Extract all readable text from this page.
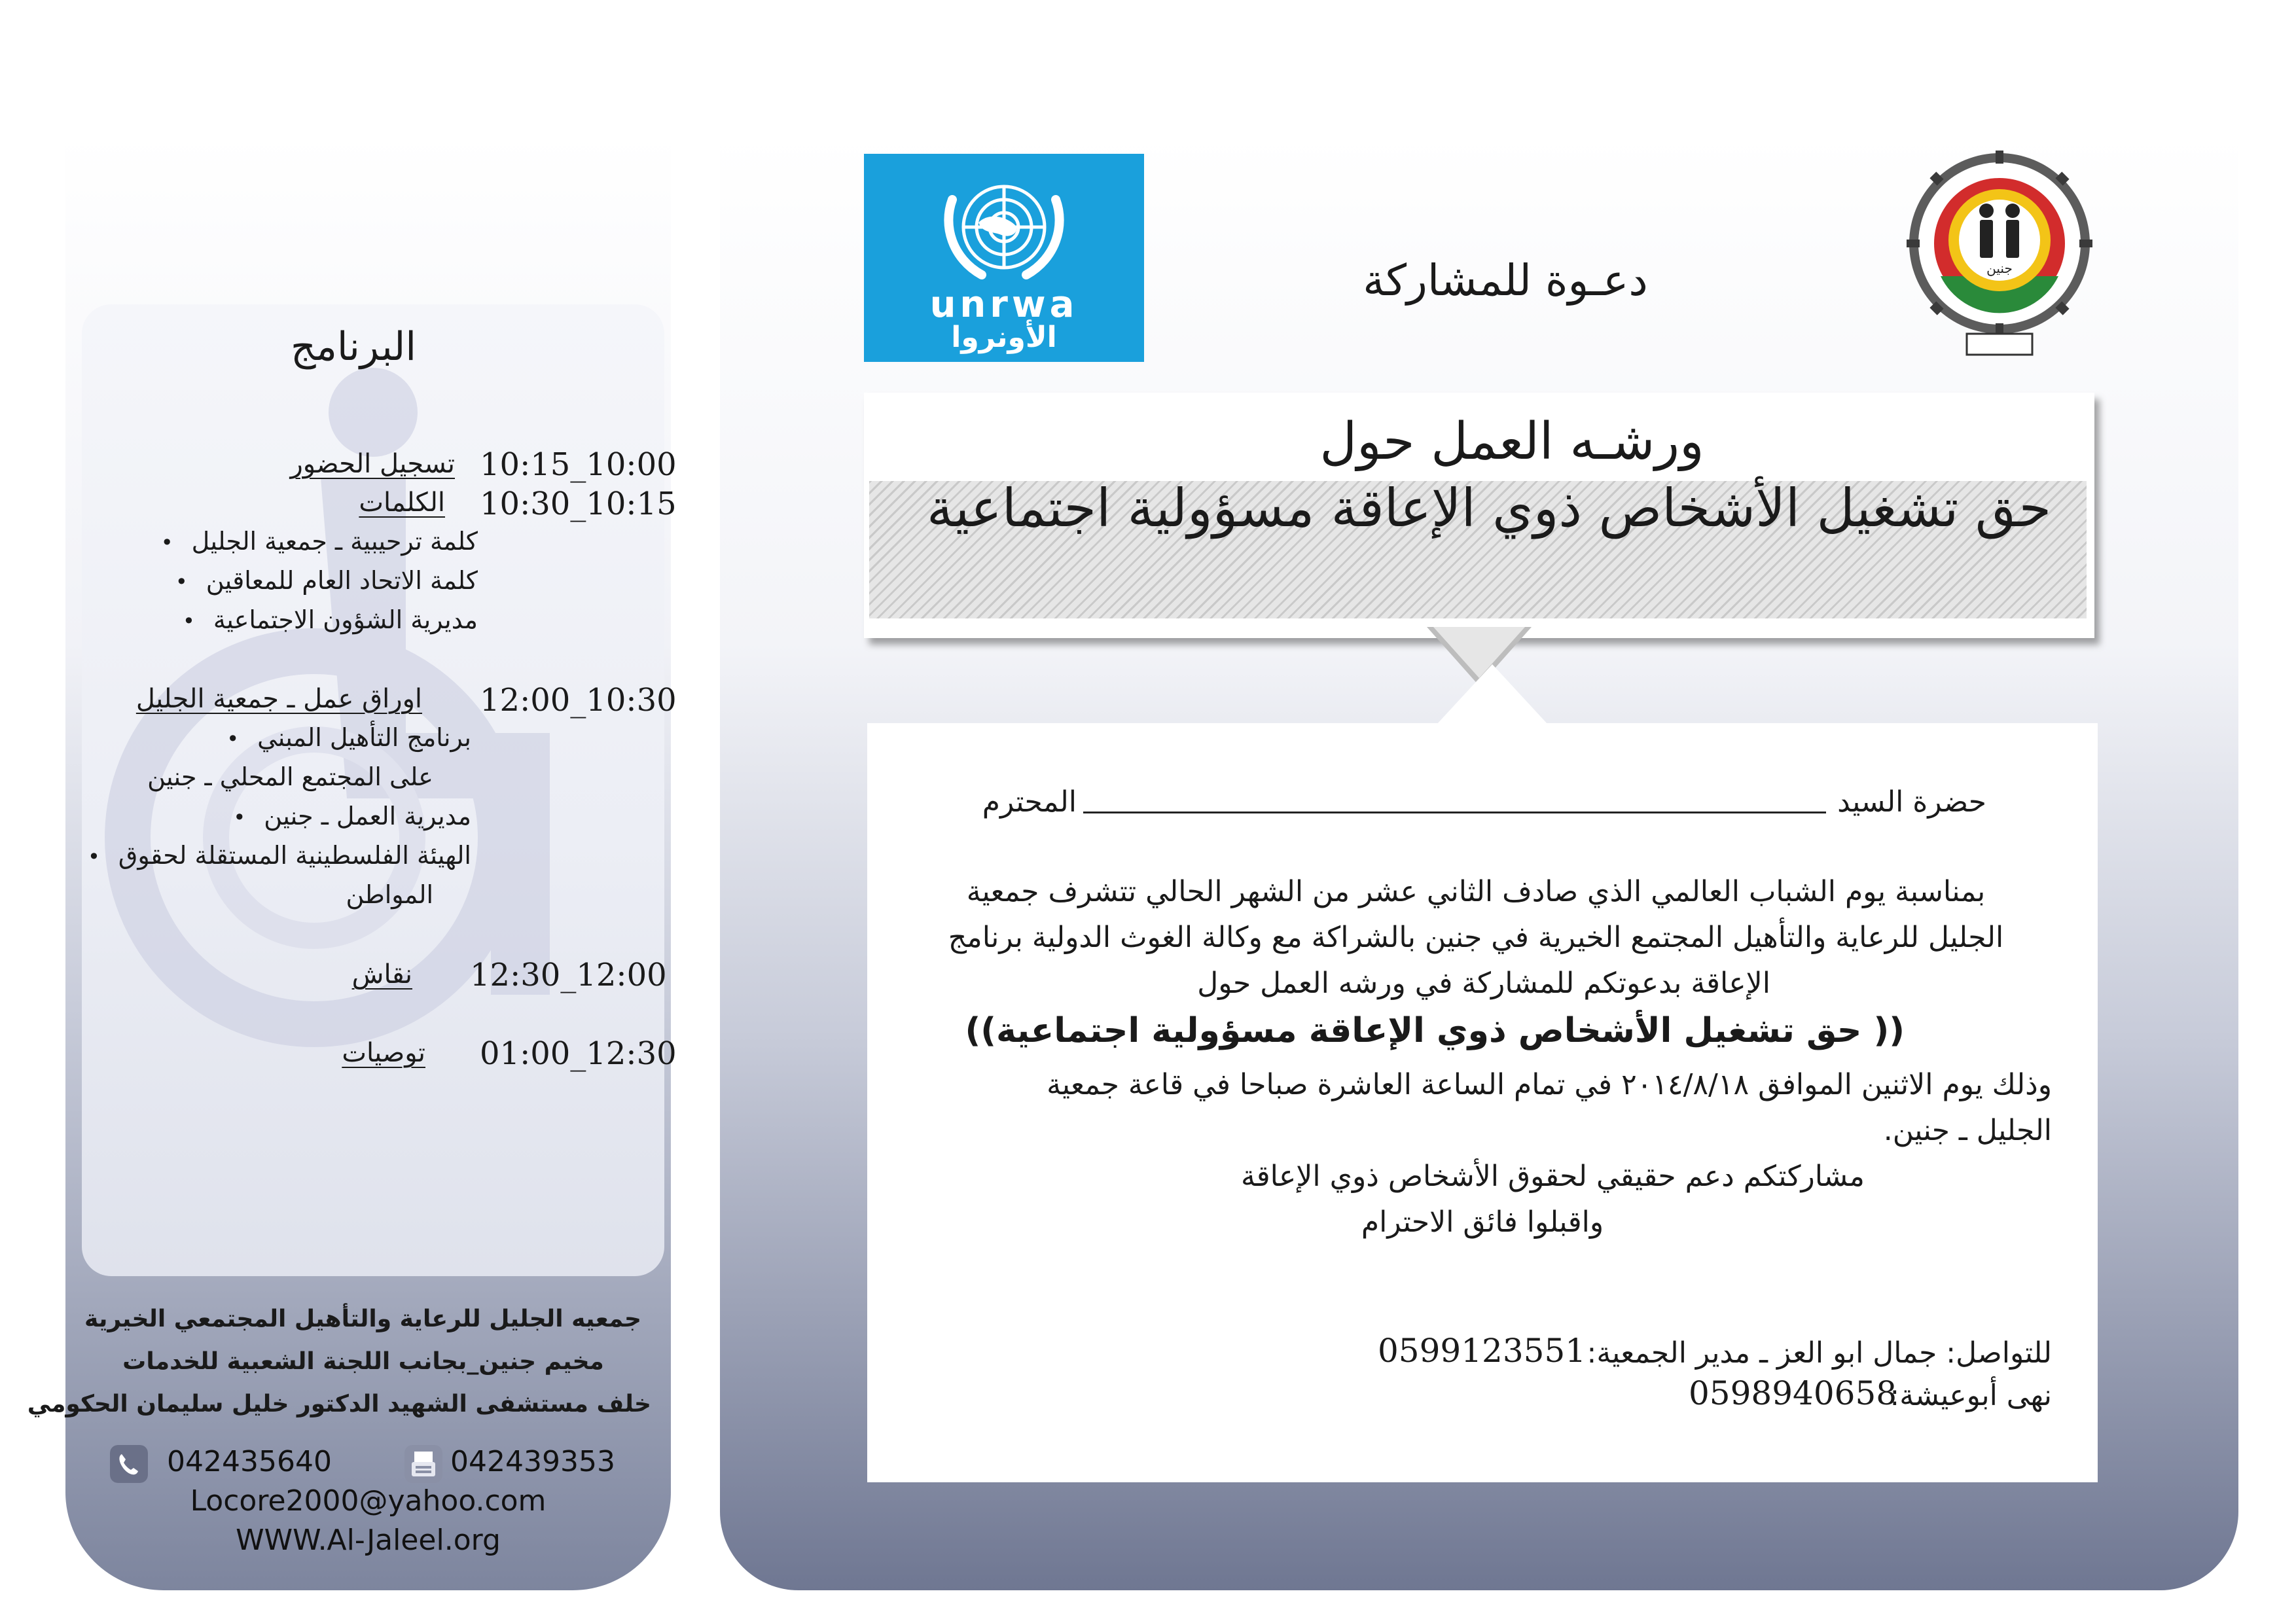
البرنامج
10:15_10:00
تسجيل الحضور
10:30_10:15
الكلمات
كلمة ترحيبية ـ جمعية الجليل •
كلمة الاتحاد العام للمعاقين •
مديرية الشؤون الاجتماعية •
12:00_10:30
اوراق عمل ـ جمعية الجليل
برنامج التأهيل المبني •
على المجتمع المحلي ـ جنين
مديرية العمل ـ جنين •
الهيئة الفلسطينية المستقلة لحقوق •
المواطن
12:30_12:00
نقاش
01:00_12:30
توصيات
جمعيه الجليل للرعاية والتأهيل المجتمعي الخيرية
مخيم جنين_بجانب اللجنة الشعبية للخدمات
خلف مستشفى الشهيد الدكتور خليل سليمان الحكومي
042435640	042439353
Locore2000@yahoo.com
WWW.Al-Jaleel.org
unrwa
الأونروا
جنين
دعـوة للمشاركة
ورشـه العمل حول
حق تشغيل الأشخاص ذوي الإعاقة مسؤولية اجتماعية
حضرة السيد
المحترم
بمناسبة يوم الشباب العالمي الذي صادف الثاني عشر من الشهر الحالي تتشرف جمعية
الجليل للرعاية والتأهيل المجتمع الخيرية في جنين بالشراكة مع وكالة الغوث الدولية برنامج
الإعاقة بدعوتكم للمشاركة في ورشه العمل حول
(( حق تشغيل الأشخاص ذوي الإعاقة مسؤولية اجتماعية))
وذلك يوم الاثنين الموافق ٢٠١٤/٨/١٨ في تمام الساعة العاشرة صباحا في قاعة جمعية
الجليل ـ جنين.
مشاركتكم دعم حقيقي لحقوق الأشخاص ذوي الإعاقة
واقبلوا فائق الاحترام
للتواصل: جمال ابو العز ـ مدير الجمعية:
0599123551
نهى أبوعيشة:
0598940658
